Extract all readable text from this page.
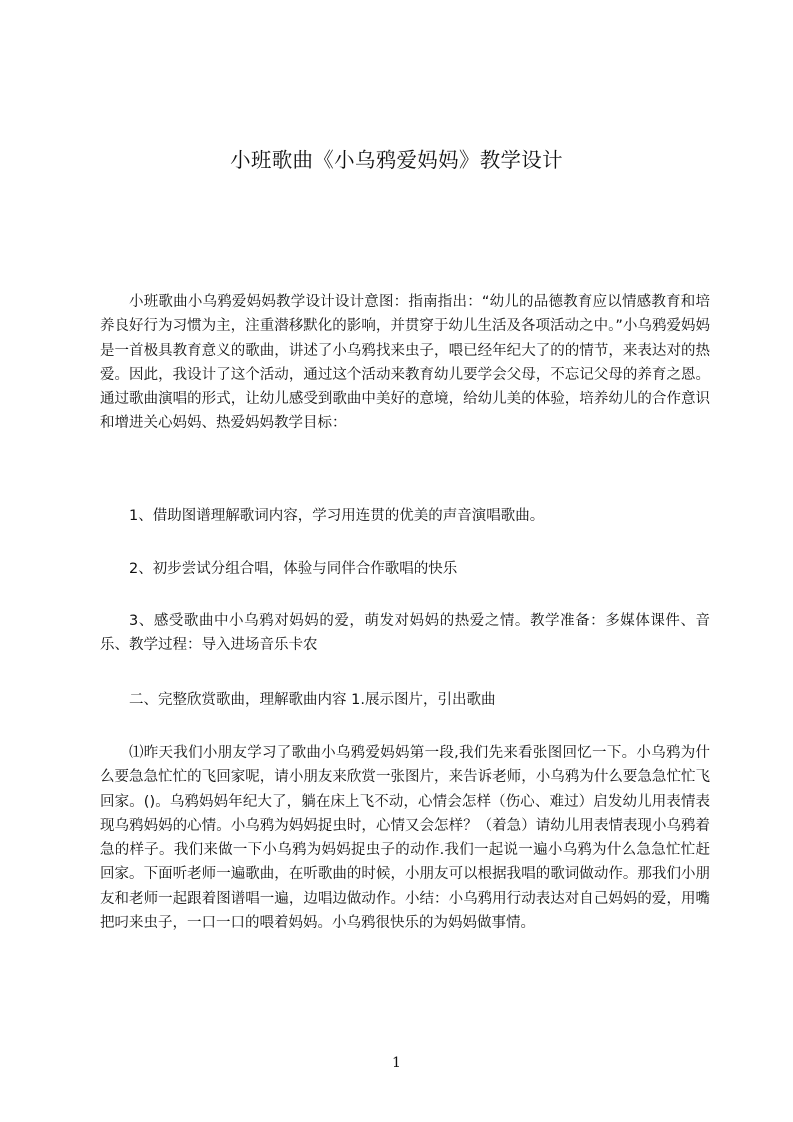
小班歌曲《小乌鸦爱妈妈》教学设计

小班歌曲小乌鸦爱妈妈教学设计设计意图：指南指出：“幼儿的品德教育应以情感教育和培养良好行为习惯为主，注重潜移默化的影响，并贯穿于幼儿生活及各项活动之中。”小乌鸦爱妈妈是一首极具教育意义的歌曲，讲述了小乌鸦找来虫子，喂已经年纪大了的的情节，来表达对的热爱。因此，我设计了这个活动，通过这个活动来教育幼儿要学会父母，不忘记父母的养育之恩。通过歌曲演唱的形式，让幼儿感受到歌曲中美好的意境，给幼儿美的体验，培养幼儿的合作意识和增进关心妈妈、热爱妈妈教学目标：

1、借助图谱理解歌词内容，学习用连贯的优美的声音演唱歌曲。

2、初步尝试分组合唱，体验与同伴合作歌唱的快乐

3、感受歌曲中小乌鸦对妈妈的爱，萌发对妈妈的热爱之情。教学准备：多媒体课件、音乐、教学过程：导入进场音乐卡农

二、完整欣赏歌曲，理解歌曲内容 1.展示图片，引出歌曲

⑴昨天我们小朋友学习了歌曲小乌鸦爱妈妈第一段,我们先来看张图回忆一下。小乌鸦为什么要急急忙忙的飞回家呢，请小朋友来欣赏一张图片，来告诉老师，小乌鸦为什么要急急忙忙飞回家。()。乌鸦妈妈年纪大了，躺在床上飞不动，心情会怎样（伤心、难过）启发幼儿用表情表现乌鸦妈妈的心情。小乌鸦为妈妈捉虫时，心情又会怎样？（着急）请幼儿用表情表现小乌鸦着急的样子。我们来做一下小乌鸦为妈妈捉虫子的动作.我们一起说一遍小乌鸦为什么急急忙忙赶回家。下面听老师一遍歌曲，在听歌曲的时候，小朋友可以根据我唱的歌词做动作。那我们小朋友和老师一起跟着图谱唱一遍，边唱边做动作。小结：小乌鸦用行动表达对自己妈妈的爱，用嘴把叼来虫子，一口一口的喂着妈妈。小乌鸦很快乐的为妈妈做事情。

1
